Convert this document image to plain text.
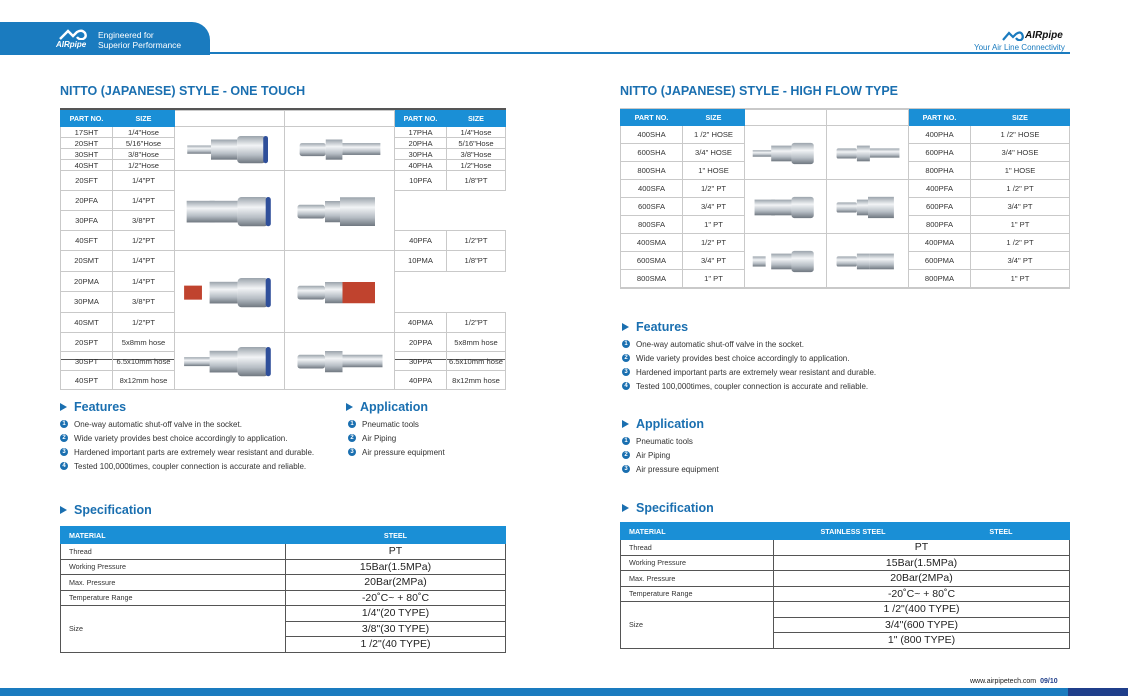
AIRpipe
Engineered for
Superior Performance
AIRpipe
Your Air Line Connectivity
NITTO (JAPANESE) STYLE - ONE TOUCH
PART NO.	SIZE			PART NO.	SIZE
17SHT	1/4"Hose			17PHA	1/4"Hose
20SHT	5/16"Hose	20PHA	5/16"Hose
30SHT	3/8"Hose	30PHA	3/8"Hose
40SHT	1/2"Hose	40PHA	1/2"Hose
20SFT	1/4"PT			10PFA	1/8"PT
20PFA	1/4"PT
30PFA	3/8"PT
40SFT	1/2"PT	40PFA	1/2"PT
20SMT	1/4"PT			10PMA	1/8"PT
20PMA	1/4"PT
30PMA	3/8"PT
40SMT	1/2"PT	40PMA	1/2"PT
20SPT	5x8mm hose			20PPA	5x8mm hose
30SPT	6.5x10mm hose	30PPA	6.5x10mm hose
40SPT	8x12mm hose	40PPA	8x12mm hose
Features
1 One-way automatic shut-off valve in the socket.
2 Wide variety provides best choice accordingly to application.
3 Hardened important parts are extremely wear resistant and durable.
4 Tested 100,000times, coupler connection is accurate and reliable.
Application
1 Pneumatic tools
2 Air Piping
3 Air pressure equipment
Specification
MATERIAL	STEEL
Thread	PT
Working Pressure	15Bar(1.5MPa)
Max. Pressure	20Bar(2MPa)
Temperature Range	-20˚C~ + 80˚C
Size	1/4"(20 TYPE)
3/8"(30 TYPE)
1 /2"(40 TYPE)
NITTO (JAPANESE) STYLE - HIGH FLOW TYPE
PART NO.	SIZE			PART NO.	SIZE
400SHA	1 /2" HOSE			400PHA	1 /2" HOSE
600SHA	3/4" HOSE	600PHA	3/4" HOSE
800SHA	1" HOSE	800PHA	1" HOSE
400SFA	1/2" PT			400PFA	1 /2" PT
600SFA	3/4" PT	600PFA	3/4" PT
800SFA	1" PT	800PFA	1" PT
400SMA	1/2" PT			400PMA	1 /2" PT
600SMA	3/4" PT	600PMA	3/4" PT
800SMA	1" PT	800PMA	1" PT
Features
1 One-way automatic shut-off valve in the socket.
2 Wide variety provides best choice accordingly to application.
3 Hardened important parts are extremely wear resistant and durable.
4 Tested 100,000times, coupler connection is accurate and reliable.
Application
1 Pneumatic tools
2 Air Piping
3 Air pressure equipment
Specification
MATERIAL	STAINLESS STEEL	STEEL
Thread	PT
Working Pressure	15Bar(1.5MPa)
Max. Pressure	20Bar(2MPa)
Temperature Range	-20˚C~ + 80˚C
Size	1 /2"(400 TYPE)
3/4"(600 TYPE)
1" (800 TYPE)
www.airpipetech.com 09/10
